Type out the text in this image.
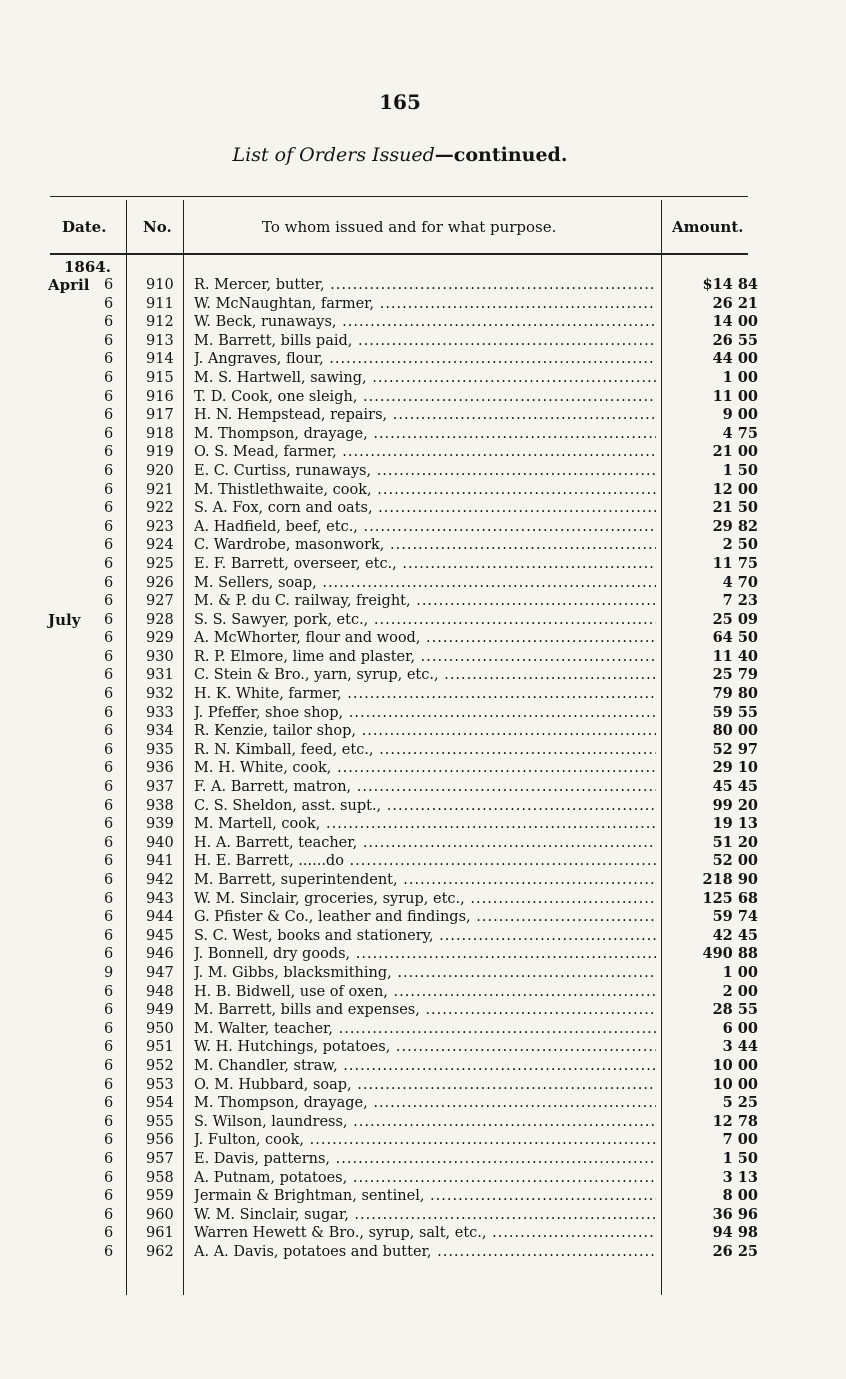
165
List of Orders Issued—continued.
Date. No.	To whom issued and for what purpose.	Amount.
1864.
April 6 910 R. Mercer, butter, .....	$14 84
6 911 W. McNaughtan, farmer, .....	26 21
6 912 W. Beck, runaways, .....	14 00
6 913 M. Barrett, bills paid, .....	26 55
6 914 J. Angraves, flour, .....	44 00
6 915 M. S. Hartwell, sawing, .....	1 00
6 916 T. D. Cook, one sleigh, .....	11 00
6 917 H. N. Hempstead, repairs, .....	9 00
6 918 M. Thompson, drayage, .....	4 75
6 919 O. S. Mead, farmer, .....	21 00
6 920 E. C. Curtiss, runaways, .....	1 50
6 921 M. Thistlethwaite, cook, .....	12 00
6 922 S. A. Fox, corn and oats, .....	21 50
6 923 A. Hadfield, beef, etc., .....	29 82
6 924 C. Wardrobe, masonwork, .....	2 50
6 925 E. F. Barrett, overseer, etc., .....	11 75
6 926 M. Sellers, soap, .....	4 70
6 927 M. & P. du C. railway, freight, .....	7 23
July 6 928 S. S. Sawyer, pork, etc., .....	25 09
6 929 A. McWhorter, flour and wood, .....	64 50
6 930 R. P. Elmore, lime and plaster, .....	11 40
6 931 C. Stein & Bro., yarn, syrup, etc., .....	25 79
6 932 H. K. White, farmer, .....	79 80
6 933 J. Pfeffer, shoe shop, .....	59 55
6 934 R. Kenzie, tailor shop, .....	80 00
6 935 R. N. Kimball, feed, etc., .....	52 97
6 936 M. H. White, cook, .....	29 10
6 937 F. A. Barrett, matron, .....	45 45
6 938 C. S. Sheldon, asst. supt., .....	99 20
6 939 M. Martell, cook, .....	19 13
6 940 H. A. Barrett, teacher, .....	51 20
6 941 H. E. Barrett, ......do .....	52 00
6 942 M. Barrett, superintendent, .....	218 90
6 943 W. M. Sinclair, groceries, syrup, etc., .....	125 68
6 944 G. Pfister & Co., leather and findings, .....	59 74
6 945 S. C. West, books and stationery, .....	42 45
6 946 J. Bonnell, dry goods, .....	490 88
9 947 J. M. Gibbs, blacksmithing, .....	1 00
6 948 H. B. Bidwell, use of oxen, .....	2 00
6 949 M. Barrett, bills and expenses, .....	28 55
6 950 M. Walter, teacher, .....	6 00
6 951 W. H. Hutchings, potatoes, .....	3 44
6 952 M. Chandler, straw, .....	10 00
6 953 O. M. Hubbard, soap, .....	10 00
6 954 M. Thompson, drayage, .....	5 25
6 955 S. Wilson, laundress, .....	12 78
6 956 J. Fulton, cook, .....	7 00
6 957 E. Davis, patterns, .....	1 50
6 958 A. Putnam, potatoes, .....	3 13
6 959 Jermain & Brightman, sentinel, .....	8 00
6 960 W. M. Sinclair, sugar, .....	36 96
6 961 Warren Hewett & Bro., syrup, salt, etc., .....	94 98
6 962 A. A. Davis, potatoes and butter, .....	26 25
